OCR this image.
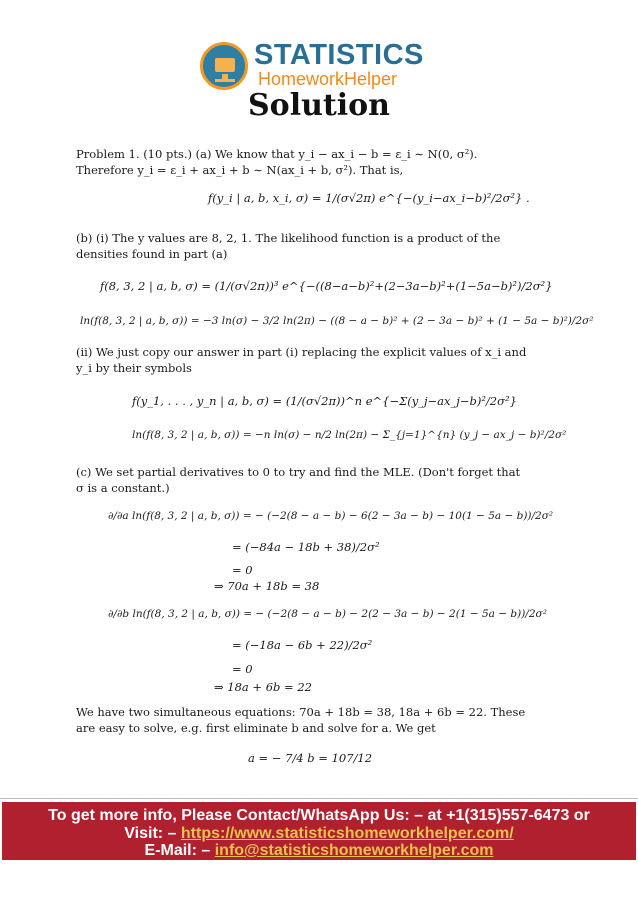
STATISTICS
HomeworkHelper
Solution
Problem 1. (10 pts.) (a) We know that y_i − ax_i − b = ε_i ∼ N(0, σ²). Therefore y_i = ε_i + ax_i + b ∼ N(ax_i + b, σ²). That is,
f(y_i | a, b, x_i, σ) = 1/(σ√2π) e^{−(y_i−ax_i−b)²/2σ²} .
(b) (i) The y values are 8, 2, 1. The likelihood function is a product of the densities found in part (a)
f(8, 3, 2 | a, b, σ) = (1/(σ√2π))³ e^{−((8−a−b)²+(2−3a−b)²+(1−5a−b)²)/2σ²}
ln(f(8, 3, 2 | a, b, σ)) = −3 ln(σ) − 3/2 ln(2π) − ((8 − a − b)² + (2 − 3a − b)² + (1 − 5a − b)²)/2σ²
(ii) We just copy our answer in part (i) replacing the explicit values of x_i and y_i by their symbols
f(y_1, . . . , y_n | a, b, σ) = (1/(σ√2π))^n e^{−Σ(y_j−ax_j−b)²/2σ²}
ln(f(8, 3, 2 | a, b, σ)) = −n ln(σ) − n/2 ln(2π) − Σ_{j=1}^{n} (y_j − ax_j − b)²/2σ²
(c) We set partial derivatives to 0 to try and find the MLE. (Don't forget that σ is a constant.)
∂/∂a ln(f(8, 3, 2 | a, b, σ)) = − (−2(8 − a − b) − 6(2 − 3a − b) − 10(1 − 5a − b))/2σ²
= (−84a − 18b + 38)/2σ²
= 0
⇒ 70a + 18b = 38
∂/∂b ln(f(8, 3, 2 | a, b, σ)) = − (−2(8 − a − b) − 2(2 − 3a − b) − 2(1 − 5a − b))/2σ²
= (−18a − 6b + 22)/2σ²
= 0
⇒ 18a + 6b = 22
We have two simultaneous equations: 70a + 18b = 38, 18a + 6b = 22. These are easy to solve, e.g. first eliminate b and solve for a. We get
a = − 7/4 b = 107/12
To get more info, Please Contact/WhatsApp Us: – at +1(315)557-6473 or
Visit: – https://www.statisticshomeworkhelper.com/
E-Mail: – info@statisticshomeworkhelper.com
